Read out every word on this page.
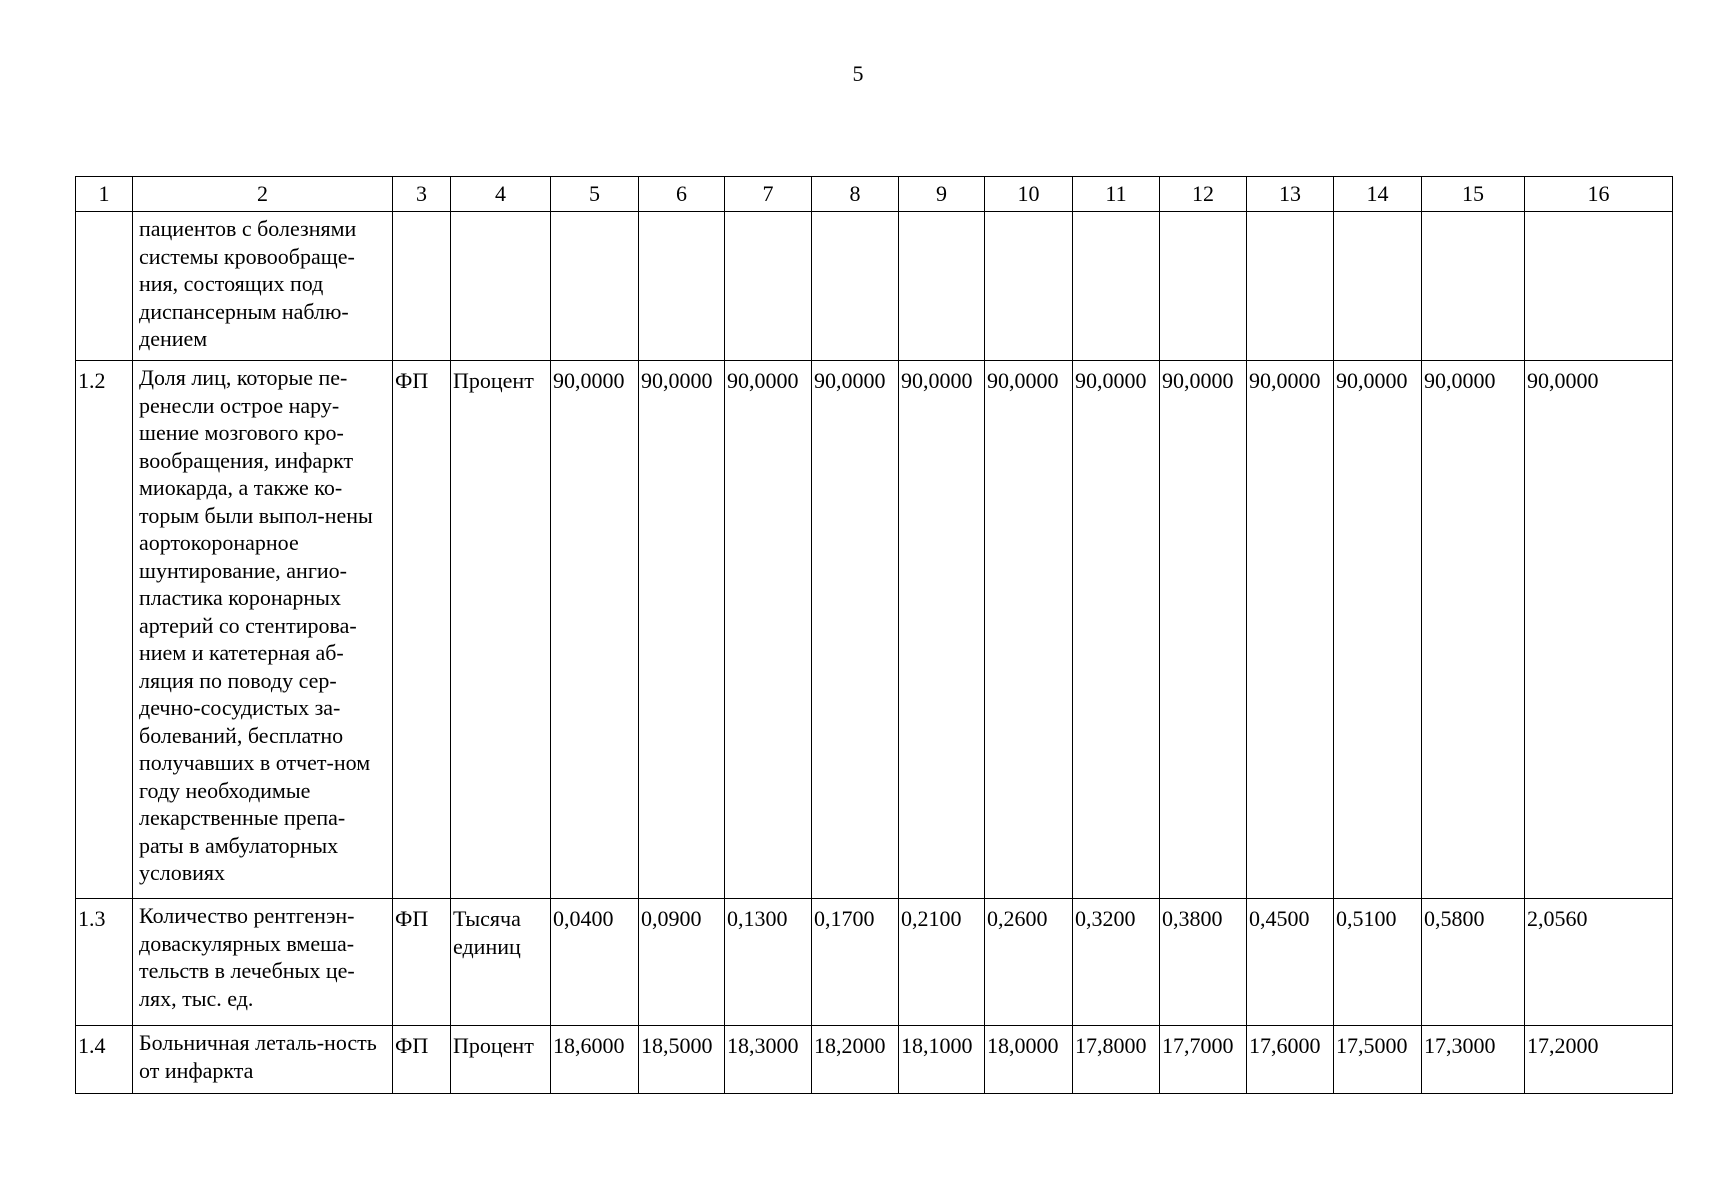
5
1	2	3	4	5	6	7	8	9	10	11	12	13	14	15	16
	пациентов с болезнями системы кровообраще-ния, состоящих под диспансерным наблю-дением														
1.2	Доля лиц, которые пе-ренесли острое нару-шение мозгового кро-вообращения, инфаркт миокарда, а также ко-торым были выпол-нены аортокоронарное шунтирование, ангио-пластика коронарных артерий со стентирова-нием и катетерная аб-ляция по поводу сер-дечно-сосудистых за-болеваний, бесплатно получавших в отчет-ном году необходимые лекарственные препа-раты в амбулаторных условиях	ФП	Процент	90,0000	90,0000	90,0000	90,0000	90,0000	90,0000	90,0000	90,0000	90,0000	90,0000	90,0000	90,0000
1.3	Количество рентгенэн-доваскулярных вмеша-тельств в лечебных це-лях, тыс. ед.	ФП	Тысяча единиц	0,0400	0,0900	0,1300	0,1700	0,2100	0,2600	0,3200	0,3800	0,4500	0,5100	0,5800	2,0560
1.4	Больничная леталь-ность от инфаркта	ФП	Процент	18,6000	18,5000	18,3000	18,2000	18,1000	18,0000	17,8000	17,7000	17,6000	17,5000	17,3000	17,2000
